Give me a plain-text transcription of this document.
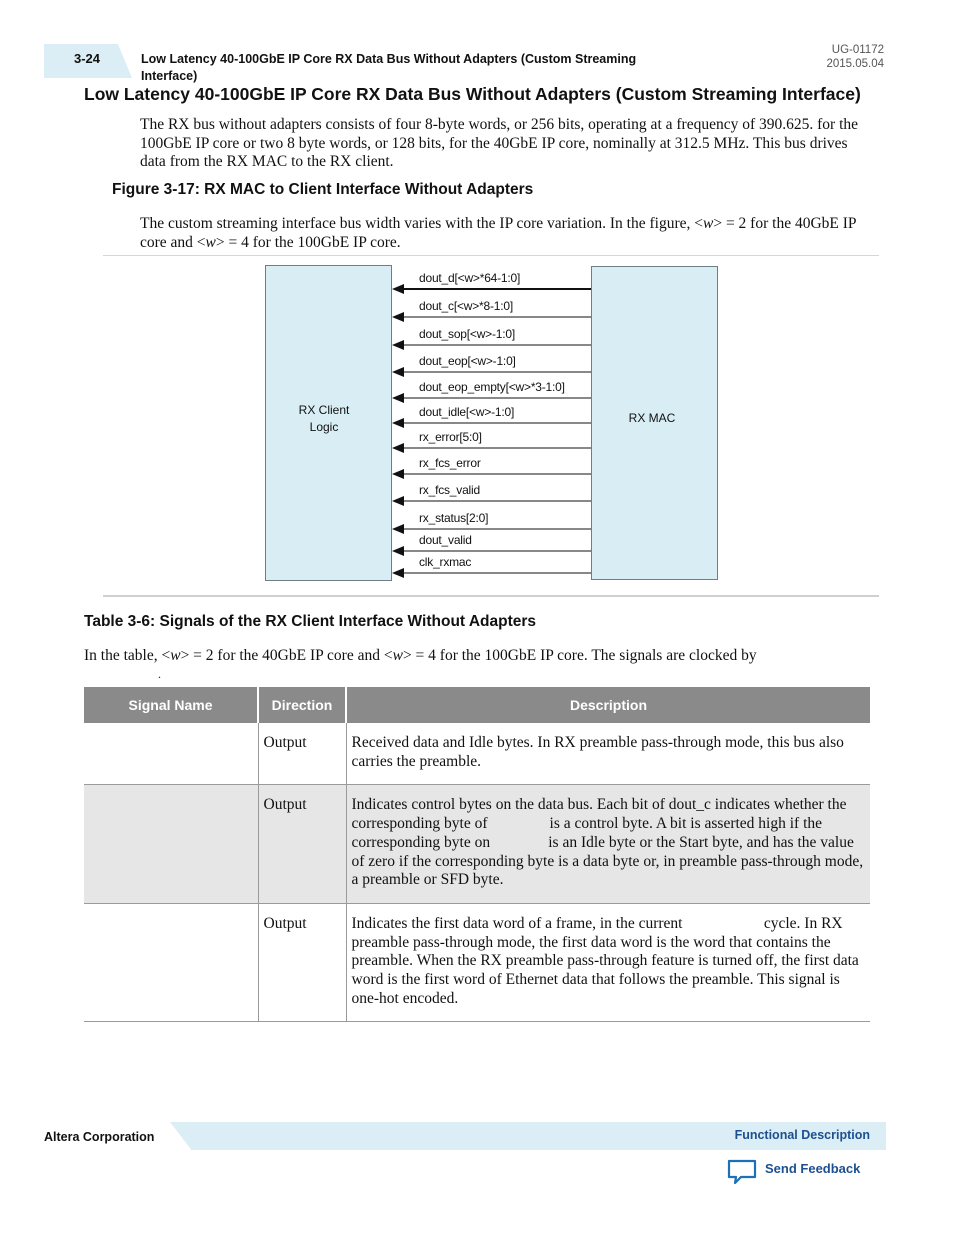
3-24	Low Latency 40-100GbE IP Core RX Data Bus Without Adapters (Custom Streaming Interface)
UG-01172
2015.05.04
Low Latency 40-100GbE IP Core RX Data Bus Without Adapters (Custom Streaming Interface)
The RX bus without adapters consists of four 8-byte words, or 256 bits, operating at a frequency of 390.625. for the 100GbE IP core or two 8 byte words, or 128 bits, for the 40GbE IP core, nominally at 312.5 MHz. This bus drives data from the RX MAC to the RX client.
Figure 3-17: RX MAC to Client Interface Without Adapters
The custom streaming interface bus width varies with the IP core variation. In the figure, <w> = 2 for the 40GbE IP core and <w> = 4 for the 100GbE IP core.
RX Client Logic
RX MAC
dout_d[<w>*64-1:0]
dout_c[<w>*8-1:0]
dout_sop[<w>-1:0]
dout_eop[<w>-1:0]
dout_eop_empty[<w>*3-1:0]
dout_idle[<w>-1:0]
rx_error[5:0]
rx_fcs_error
rx_fcs_valid
rx_status[2:0]
dout_valid
clk_rxmac
Table 3-6: Signals of the RX Client Interface Without Adapters
In the table, <w> = 2 for the 40GbE IP core and <w> = 4 for the 100GbE IP core. The signals are clocked by
.
Signal Name	Direction	Description
	Output	Received data and Idle bytes. In RX preamble pass-through mode, this bus also carries the preamble.
	Output	Indicates control bytes on the data bus. Each bit of dout_c indicates whether the corresponding byte of                is a control byte. A bit is asserted high if the corresponding byte on               is an Idle byte or the Start byte, and has the value of zero if the corresponding byte is a data byte or, in preamble pass-through mode, a preamble or SFD byte.
	Output	Indicates the first data word of a frame, in the current                     cycle. In RX preamble pass-through mode, the first data word is the word that contains the preamble. When the RX preamble pass-through feature is turned off, the first data word is the first word of Ethernet data that follows the preamble. This signal is one-hot encoded.
Altera Corporation	Functional Description
Send Feedback
